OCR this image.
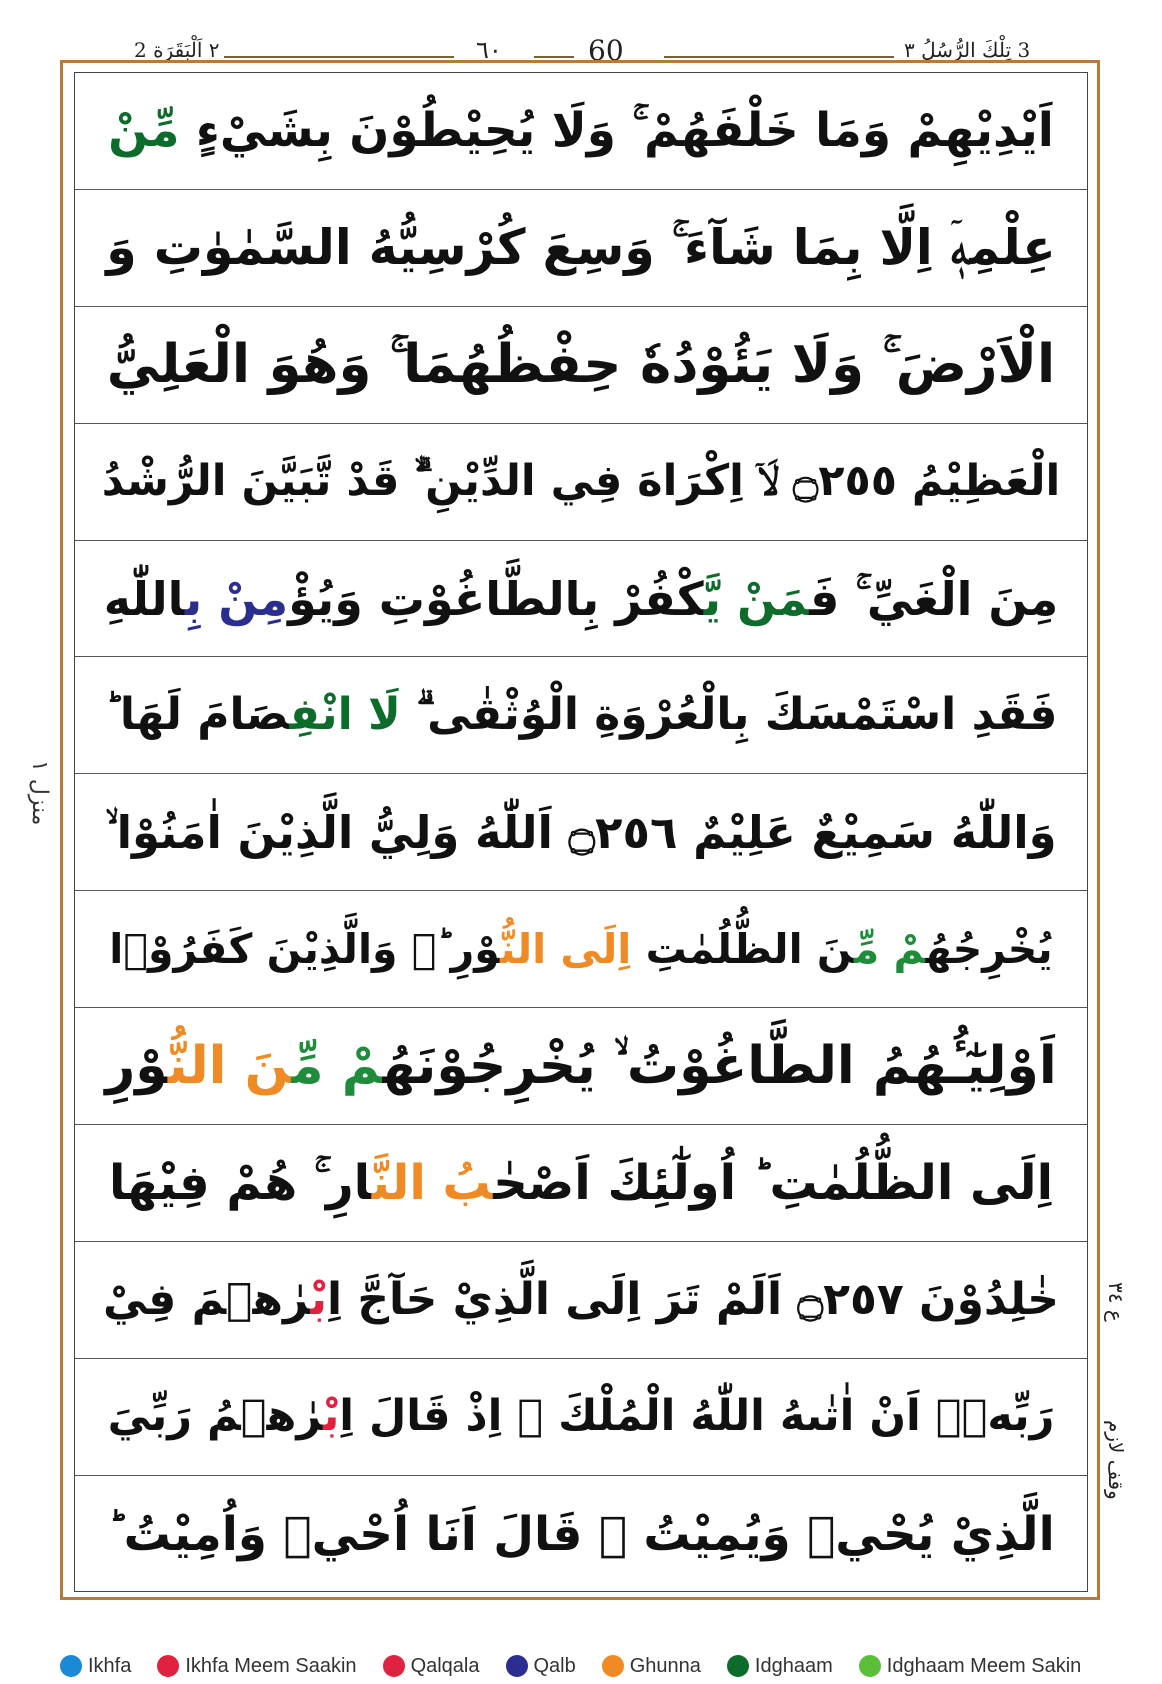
٢ اَلْبَقَرَة 2	٦٠	60	3 تِلْكَ الرُّسُلُ ٣
اَيْدِيْهِمْ وَمَا خَلْفَهُمْ ۚ وَلَا يُحِيْطُوْنَ بِشَيْءٍ مِّنْ
عِلْمِهٖۤ اِلَّا بِمَا شَآءَ ۚ وَسِعَ كُرْسِيُّهُ السَّمٰوٰتِ وَ
الْاَرْضَ ۚ وَلَا يَئُوْدُهٗ حِفْظُهُمَا ۚ وَهُوَ الْعَلِيُّ
الْعَظِيْمُ ۝٢٥٥ لَاۤ اِكْرَاهَ فِي الدِّيْنِ ۙۗ قَدْ تَّبَيَّنَ الرُّشْدُ
مِنَ الْغَيِّ ۚ فَمَنْ يَّكْفُرْ بِالطَّاغُوْتِ وَيُؤْمِنْ بِاللّٰهِ
فَقَدِ اسْتَمْسَكَ بِالْعُرْوَةِ الْوُثْقٰى ۗ لَا انْفِصَامَ لَهَا ؕ
وَاللّٰهُ سَمِيْعٌ عَلِيْمٌ ۝٢٥٦ اَللّٰهُ وَلِيُّ الَّذِيْنَ اٰمَنُوْا ۙ
يُخْرِجُهُمْ مِّنَ الظُّلُمٰتِ اِلَى النُّوْرِ ؕ۬ وَالَّذِيْنَ كَفَرُوْۤا
اَوْلِيٰٓـُٔهُمُ الطَّاغُوْتُ ۙ يُخْرِجُوْنَهُمْ مِّنَ النُّوْرِ
اِلَى الظُّلُمٰتِ ؕ اُولٰٓئِكَ اَصْحٰبُ النَّارِ ۚ هُمْ فِيْهَا
خٰلِدُوْنَ ۝٢٥٧ اَلَمْ تَرَ اِلَى الَّذِيْ حَآجَّ اِبْرٰهٖمَ فِيْ
رَبِّهٖۤ اَنْ اٰتٰىهُ اللّٰهُ الْمُلْكَ ۘ اِذْ قَالَ اِبْرٰهٖمُ رَبِّيَ
الَّذِيْ يُحْيٖ وَيُمِيْتُ ۙ قَالَ اَنَا اُحْيٖ وَاُمِيْتُ ؕ
منزل ١
ع ٣٤
وقف لازم
Ikhfa	Ikhfa Meem Saakin	Qalqala	Qalb	Ghunna	Idghaam	Idghaam Meem Sakin
